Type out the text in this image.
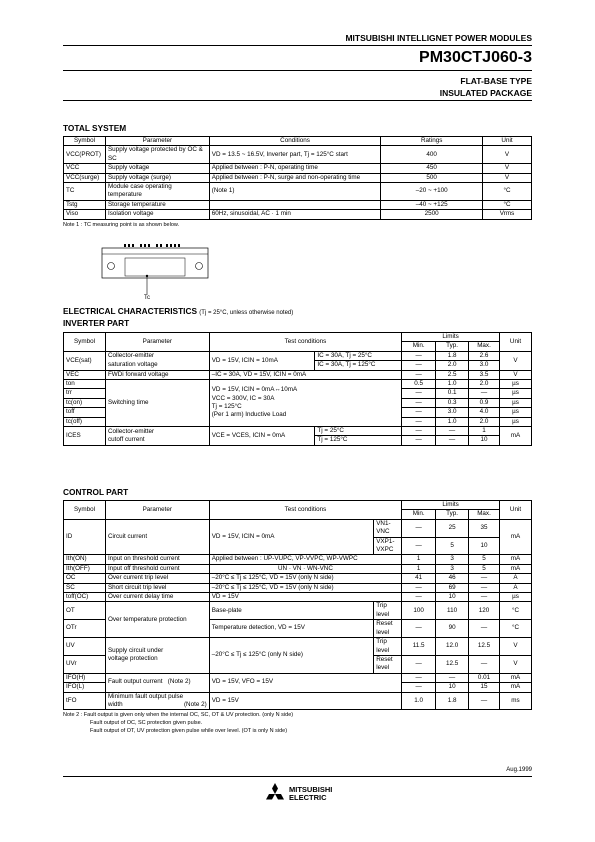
MITSUBISHI INTELLIGNET POWER MODULES
PM30CTJ060-3
FLAT-BASE TYPE
INSULATED PACKAGE
TOTAL SYSTEM
Symbol	Parameter	Conditions	Ratings	Unit
VCC(PROT)	Supply voltage protected by OC & SC	VD = 13.5 ~ 16.5V, Inverter part, Tj = 125°C start	400	V
VCC	Supply voltage	Applied between : P-N, operating time	450	V
VCC(surge)	Supply voltage (surge)	Applied between : P-N, surge and non-operating time	500	V
TC	Module case operating temperature	(Note 1)	–20 ~ +100	°C
Tstg	Storage temperature		–40 ~ +125	°C
Viso	Isolation voltage	60Hz, sinusoidal, AC · 1 min	2500	Vrms
Note 1 : TC measuring point is as shown below.
Tc
ELECTRICAL CHARACTERISTICS (Tj = 25°C, unless otherwise noted)
INVERTER PART
Symbol	Parameter	Test conditions		Limits			Unit
				Min.	Typ.	Max.	
VCE(sat)	Collector-emitter
saturation voltage	VD = 15V, ICIN = 10mA	IC = 30A, Tj = 25°C	—	1.8	2.6	V
			IC = 30A, Tj = 125°C	—	2.0	3.0	
VEC	FWDi forward voltage	–IC = 30A, VD = 15V, ICIN = 0mA		—	2.5	3.5	V
ton	Switching time	VD = 15V, ICIN = 0mA↔10mA
VCC = 300V, IC = 30A
Tj = 125°C
(Per 1 arm) Inductive Load		0.5	1.0	2.0	µs
trr				—	0.1	—	µs
tc(on)				—	0.3	0.9	µs
toff				—	3.0	4.0	µs
tc(off)				—	1.0	2.0	µs
ICES	Collector-emitter
cutoff current	VCE = VCES, ICIN = 0mA	Tj = 25°C	—	—	1	mA
			Tj = 125°C	—	—	10	
CONTROL PART
Symbol	Parameter	Test conditions		Limits			Unit
				Min.	Typ.	Max.	
ID	Circuit current	VD = 15V, ICIN = 0mA	VN1-VNC	—	25	35	mA
			VXP1-VXPC	—	5	10	
Ith(ON)	Input on threshold current	Applied between : UP-VUPC, VP-VVPC, WP-VWPC		1	3	5	mA
Ith(OFF)	Input off threshold current	UN · VN · WN-VNC		1	3	5	mA
OC	Over current trip level	–20°C ≤ Tj ≤ 125°C, VD = 15V (only N side)		41	46	—	A
SC	Short circuit trip level	–20°C ≤ Tj ≤ 125°C, VD = 15V (only N side)		—	69	—	A
toff(OC)	Over current delay time	VD = 15V		—	10	—	µs
OT	Over temperature protection	Base-plate	Trip level	100	110	120	°C
OTr		Temperature detection, VD = 15V	Reset level	—	90	—	°C
UV	Supply circuit under
voltage protection	–20°C ≤ Tj ≤ 125°C (only N side)	Trip level	11.5	12.0	12.5	V
UVr			Reset level	—	12.5	—	V
IFO(H)	Fault output current (Note 2)	VD = 15V, VFO = 15V		—	—	0.01	mA
IFO(L)				—	10	15	mA
tFO	Minimum fault output pulse
width (Note 2)	VD = 15V		1.0	1.8	—	ms
Note 2 : Fault output is given only when the internal OC, SC, OT & UV protection. (only N side)
Fault output of OC, SC protection given pulse.
Fault output of OT, UV protection given pulse while over level. (OT is only N side)
Aug.1999
MITSUBISHI
ELECTRIC
